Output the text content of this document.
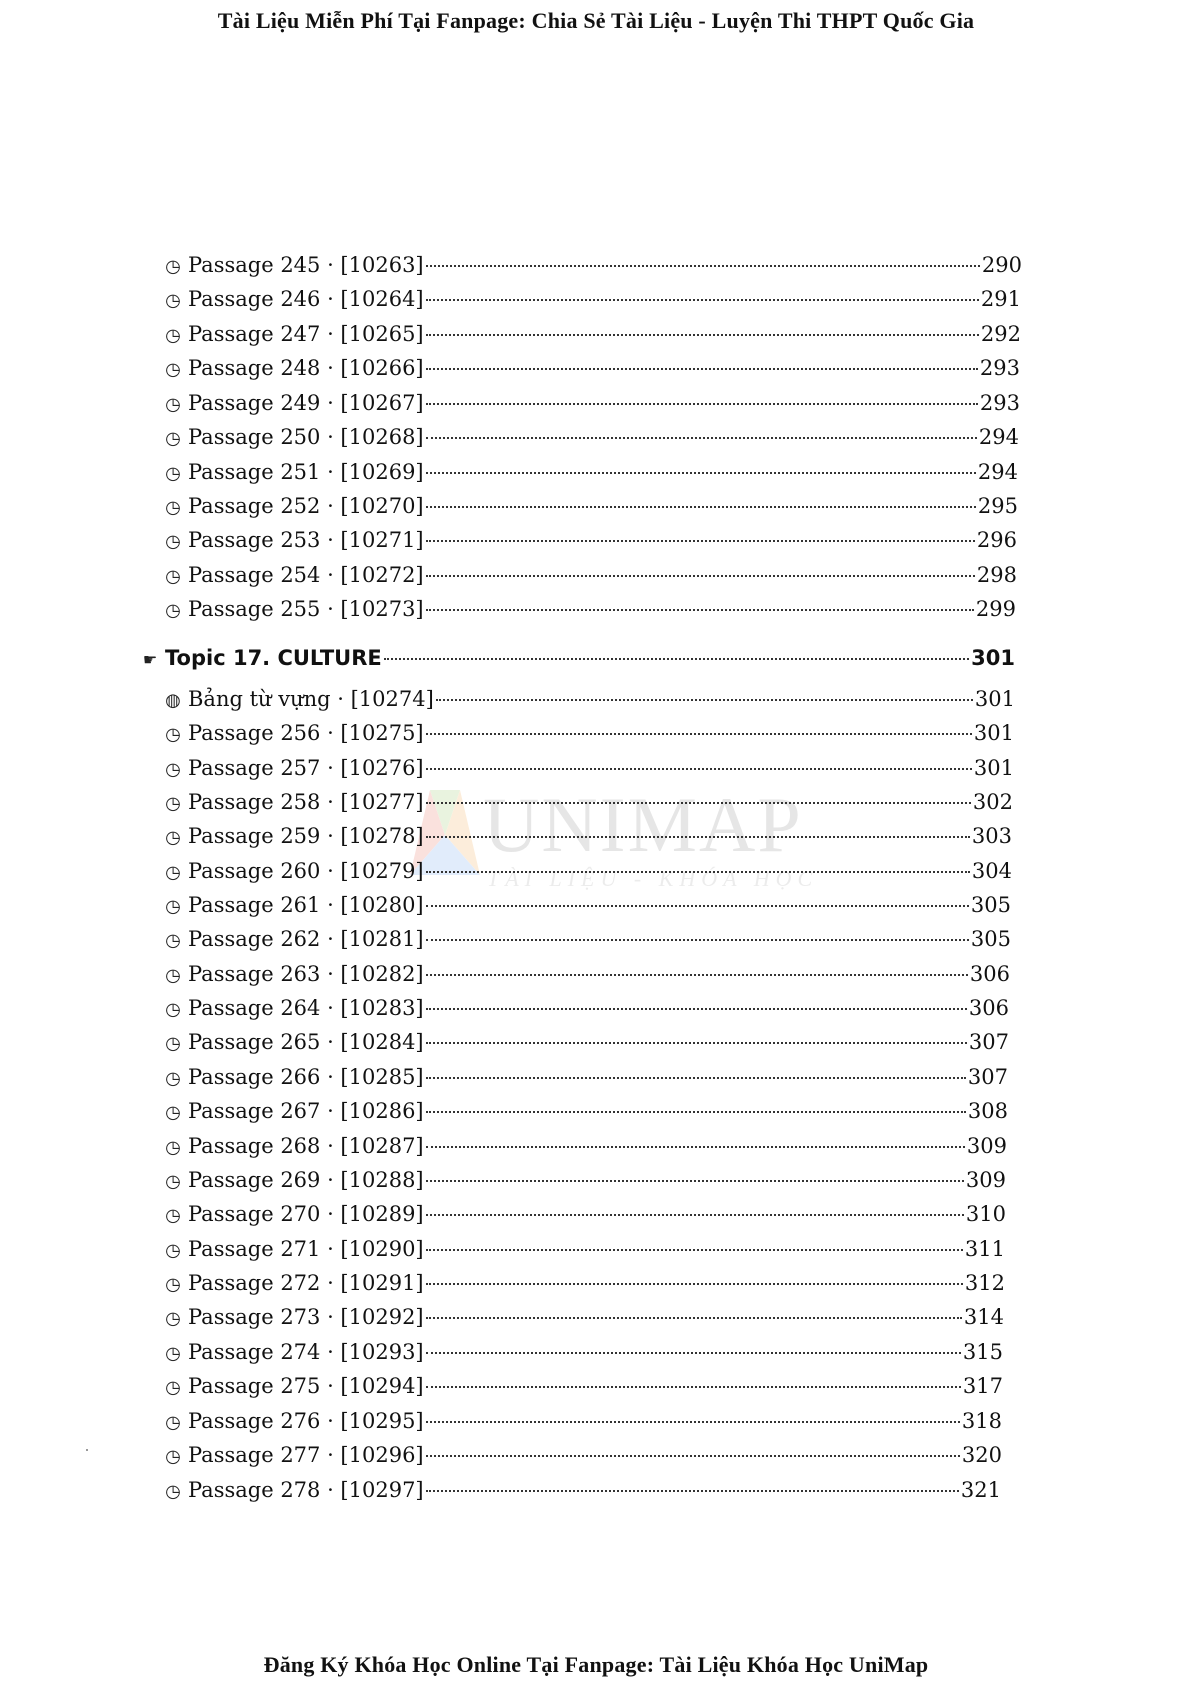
Tài Liệu Miễn Phí Tại Fanpage: Chia Sẻ Tài Liệu - Luyện Thi THPT Quốc Gia
UNIMAP
TÀI LIỆU - KHÓA HỌC
◷ Passage 245 · [10263]	290
◷ Passage 246 · [10264]	291
◷ Passage 247 · [10265]	292
◷ Passage 248 · [10266]	293
◷ Passage 249 · [10267]	293
◷ Passage 250 · [10268]	294
◷ Passage 251 · [10269]	294
◷ Passage 252 · [10270]	295
◷ Passage 253 · [10271]	296
◷ Passage 254 · [10272]	298
◷ Passage 255 · [10273]	299
☛ Topic 17. CULTURE	301
◍ Bảng từ vựng · [10274]	301
◷ Passage 256 · [10275]	301
◷ Passage 257 · [10276]	301
◷ Passage 258 · [10277]	302
◷ Passage 259 · [10278]	303
◷ Passage 260 · [10279]	304
◷ Passage 261 · [10280]	305
◷ Passage 262 · [10281]	305
◷ Passage 263 · [10282]	306
◷ Passage 264 · [10283]	306
◷ Passage 265 · [10284]	307
◷ Passage 266 · [10285]	307
◷ Passage 267 · [10286]	308
◷ Passage 268 · [10287]	309
◷ Passage 269 · [10288]	309
◷ Passage 270 · [10289]	310
◷ Passage 271 · [10290]	311
◷ Passage 272 · [10291]	312
◷ Passage 273 · [10292]	314
◷ Passage 274 · [10293]	315
◷ Passage 275 · [10294]	317
◷ Passage 276 · [10295]	318
◷ Passage 277 · [10296]	320
◷ Passage 278 · [10297]	321
Đăng Ký Khóa Học Online Tại Fanpage: Tài Liệu Khóa Học UniMap
